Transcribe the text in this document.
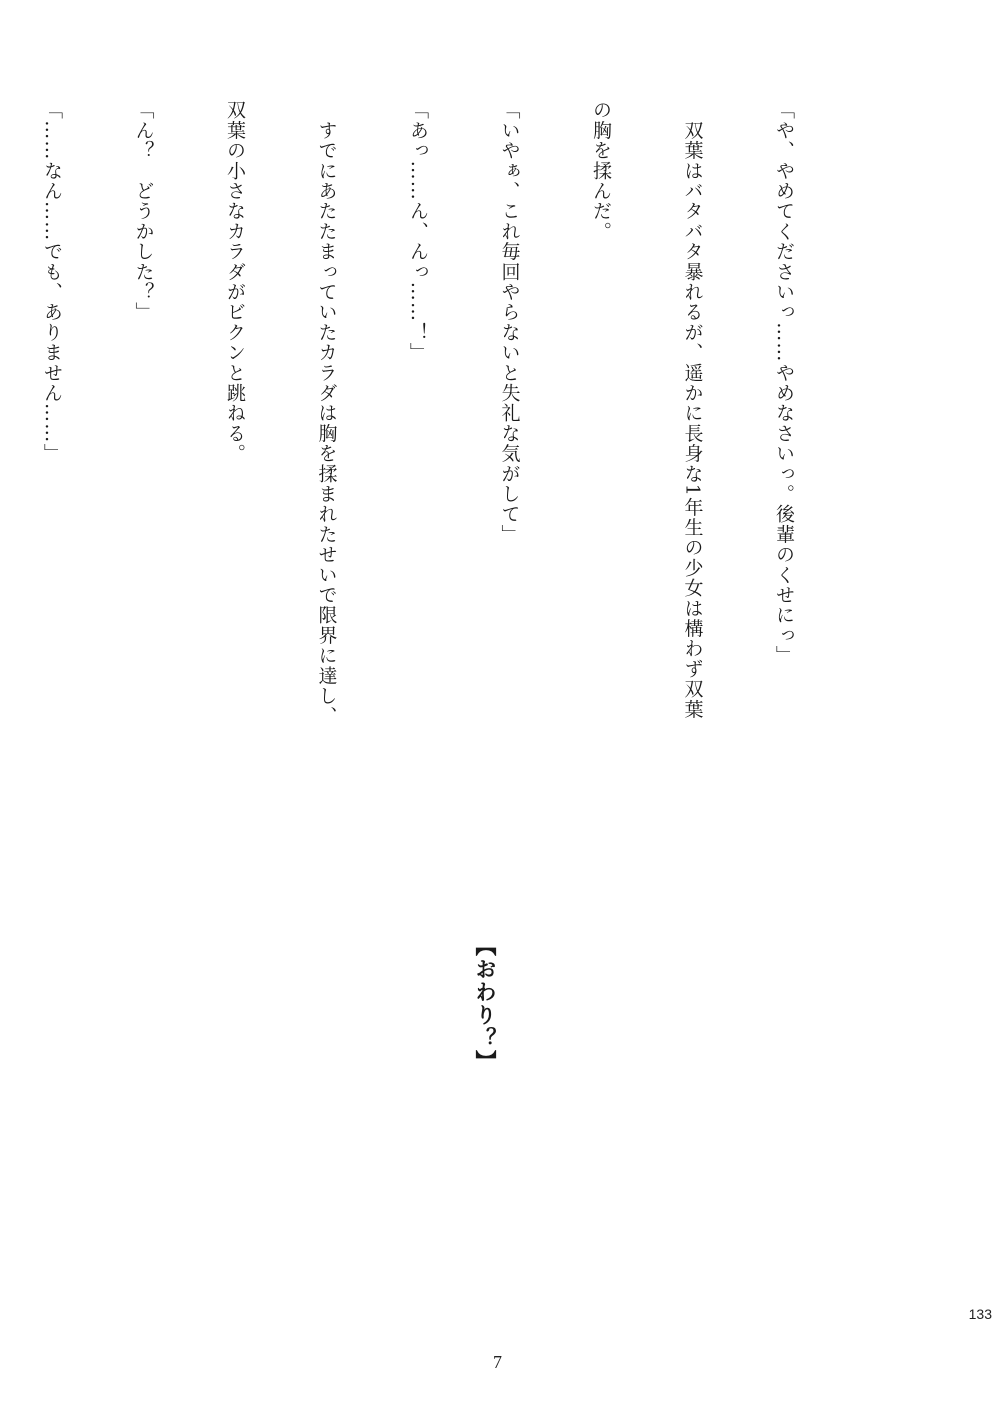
「や、やめてくださいっ……やめなさいっ。後輩のくせにっ」

　双葉はバタバタ暴れるが、遥かに長身な1年生の少女は構わず双葉

の胸を揉んだ。

「いやぁ、これ毎回やらないと失礼な気がして」

「あっ……ん、んっ……！」

　すでにあたたまっていたカラダは胸を揉まれたせいで限界に達し、

双葉の小さなカラダがビクンと跳ねる。

「ん？　どうかした？」

「……なん……でも、ありません……」

【おわり？】
133
7
